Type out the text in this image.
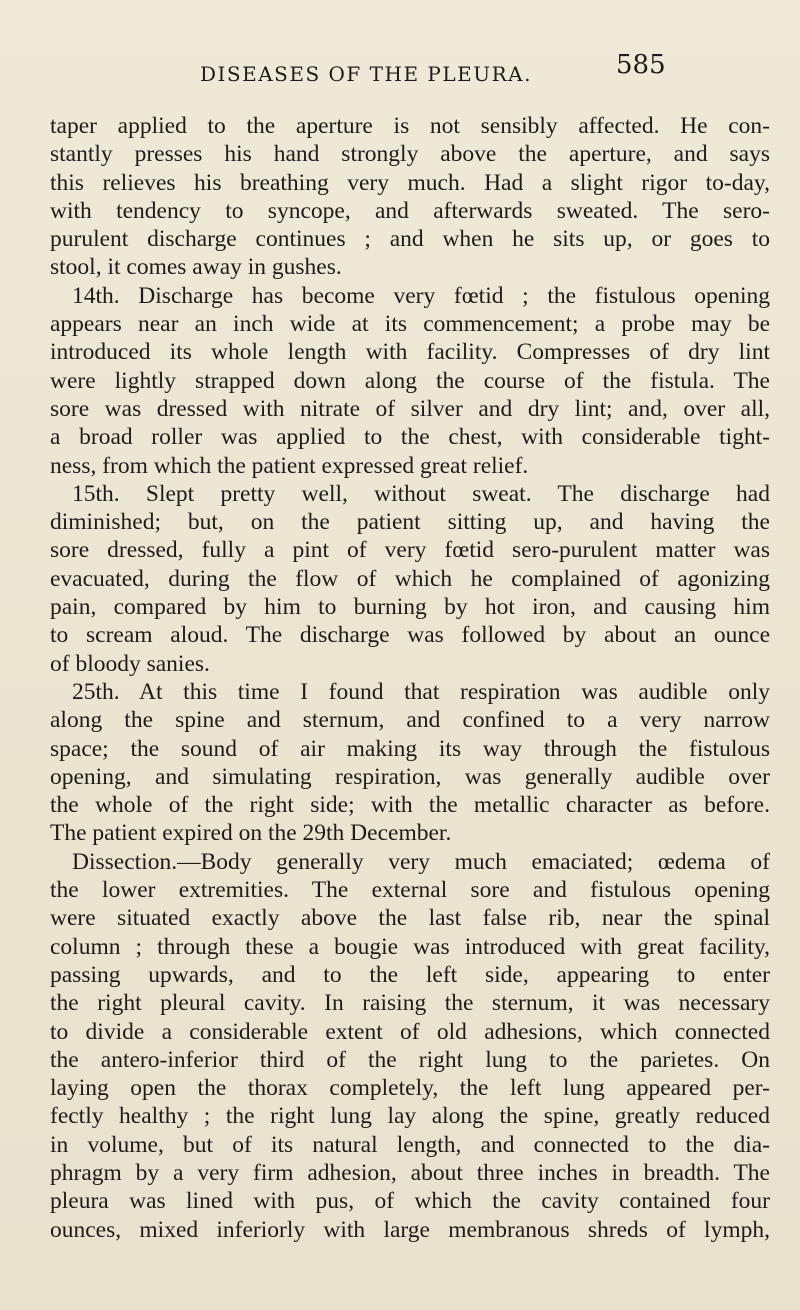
DISEASES OF THE PLEURA.	585
taper applied to the aperture is not sensibly affected. He con-
stantly presses his hand strongly above the aperture, and says
this relieves his breathing very much. Had a slight rigor to-day,
with tendency to syncope, and afterwards sweated. The sero-
purulent discharge continues ; and when he sits up, or goes to
stool, it comes away in gushes.
14th. Discharge has become very fœtid ; the fistulous opening
appears near an inch wide at its commencement; a probe may be
introduced its whole length with facility. Compresses of dry lint
were lightly strapped down along the course of the fistula. The
sore was dressed with nitrate of silver and dry lint; and, over all,
a broad roller was applied to the chest, with considerable tight-
ness, from which the patient expressed great relief.
15th. Slept pretty well, without sweat. The discharge had
diminished; but, on the patient sitting up, and having the
sore dressed, fully a pint of very fœtid sero-purulent matter was
evacuated, during the flow of which he complained of agonizing
pain, compared by him to burning by hot iron, and causing him
to scream aloud. The discharge was followed by about an ounce
of bloody sanies.
25th. At this time I found that respiration was audible only
along the spine and sternum, and confined to a very narrow
space; the sound of air making its way through the fistulous
opening, and simulating respiration, was generally audible over
the whole of the right side; with the metallic character as before.
The patient expired on the 29th December.
Dissection.—Body generally very much emaciated; œdema of
the lower extremities. The external sore and fistulous opening
were situated exactly above the last false rib, near the spinal
column ; through these a bougie was introduced with great facility,
passing upwards, and to the left side, appearing to enter
the right pleural cavity. In raising the sternum, it was necessary
to divide a considerable extent of old adhesions, which connected
the antero-inferior third of the right lung to the parietes. On
laying open the thorax completely, the left lung appeared per-
fectly healthy ; the right lung lay along the spine, greatly reduced
in volume, but of its natural length, and connected to the dia-
phragm by a very firm adhesion, about three inches in breadth. The
pleura was lined with pus, of which the cavity contained four
ounces, mixed inferiorly with large membranous shreds of lymph,
